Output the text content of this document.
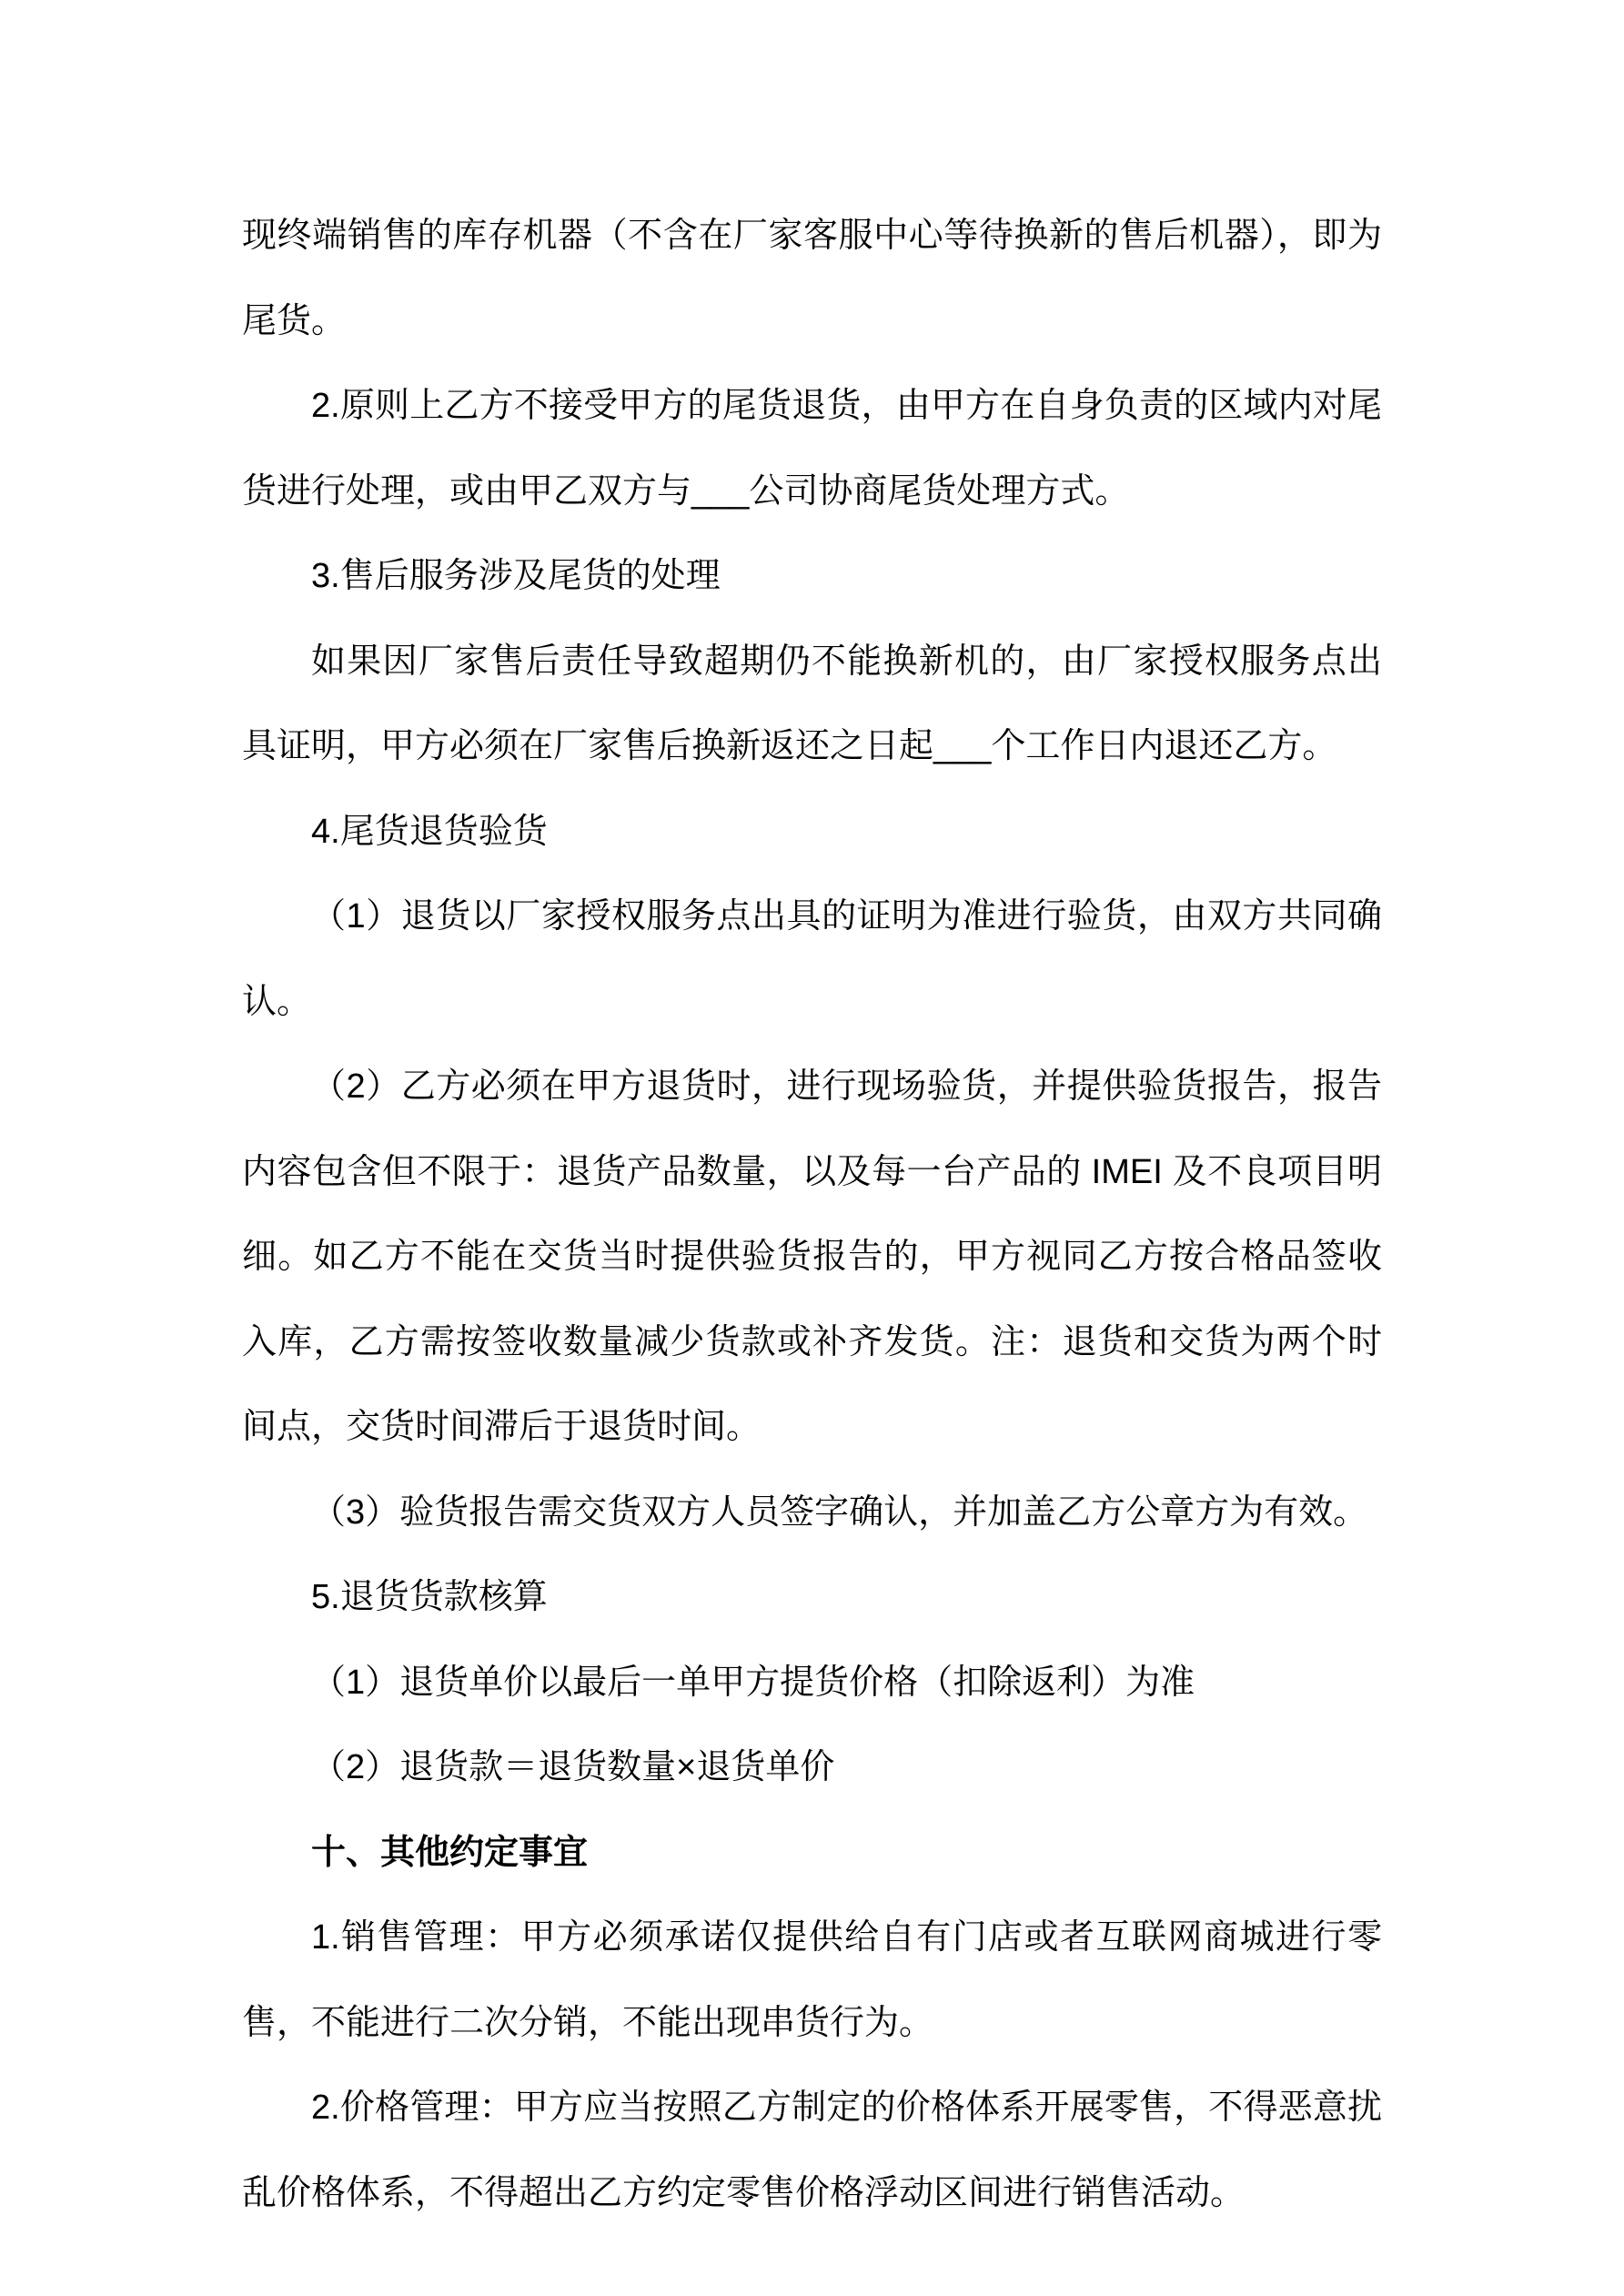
现终端销售的库存机器（不含在厂家客服中心等待换新的售后机器），即为尾货。

2.原则上乙方不接受甲方的尾货退货，由甲方在自身负责的区域内对尾货进行处理，或由甲乙双方与___公司协商尾货处理方式。

3.售后服务涉及尾货的处理

如果因厂家售后责任导致超期仍不能换新机的，由厂家授权服务点出具证明，甲方必须在厂家售后换新返还之日起___个工作日内退还乙方。

4.尾货退货验货

（1）退货以厂家授权服务点出具的证明为准进行验货，由双方共同确认。

（2）乙方必须在甲方退货时，进行现场验货，并提供验货报告，报告内容包含但不限于：退货产品数量，以及每一台产品的 IMEI 及不良项目明细。如乙方不能在交货当时提供验货报告的，甲方视同乙方按合格品签收入库，乙方需按签收数量减少货款或补齐发货。注：退货和交货为两个时间点，交货时间滞后于退货时间。

（3）验货报告需交货双方人员签字确认，并加盖乙方公章方为有效。

5.退货货款核算

（1）退货单价以最后一单甲方提货价格（扣除返利）为准

（2）退货款＝退货数量×退货单价

十、其他约定事宜

1.销售管理：甲方必须承诺仅提供给自有门店或者互联网商城进行零售，不能进行二次分销，不能出现串货行为。

2.价格管理：甲方应当按照乙方制定的价格体系开展零售，不得恶意扰乱价格体系，不得超出乙方约定零售价格浮动区间进行销售活动。
